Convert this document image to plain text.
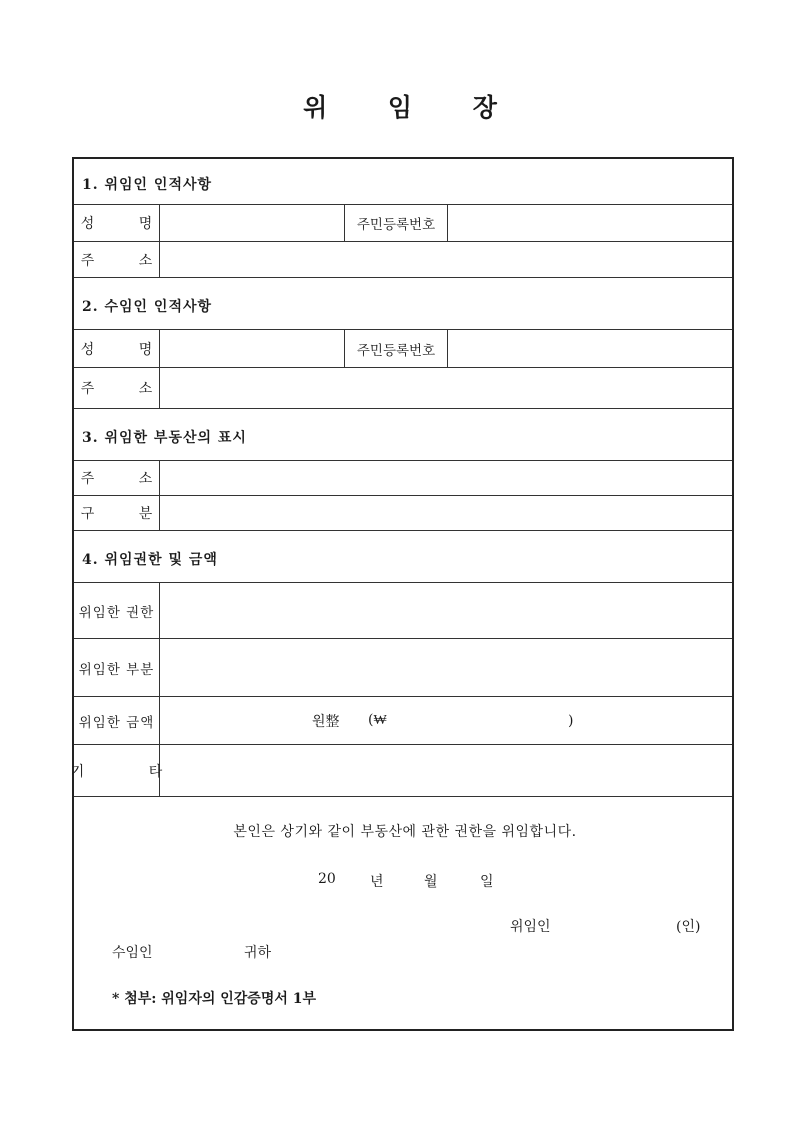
위 임 장
1. 위임인 인적사항
성 명	주민등록번호
주 소
2. 수임인 인적사항
성 명	주민등록번호
주 소
3. 위임한 부동산의 표시
주 소
구 분
4. 위임권한 및 금액
위임한 권한
위임한 부분
위임한 금액	원整 (₩	)
기 타
본인은 상기와 같이 부동산에 관한 권한을 위임합니다.
20 년	월	일
위임인	(인)
수임인	귀하
* 첨부: 위임자의 인감증명서 1부
